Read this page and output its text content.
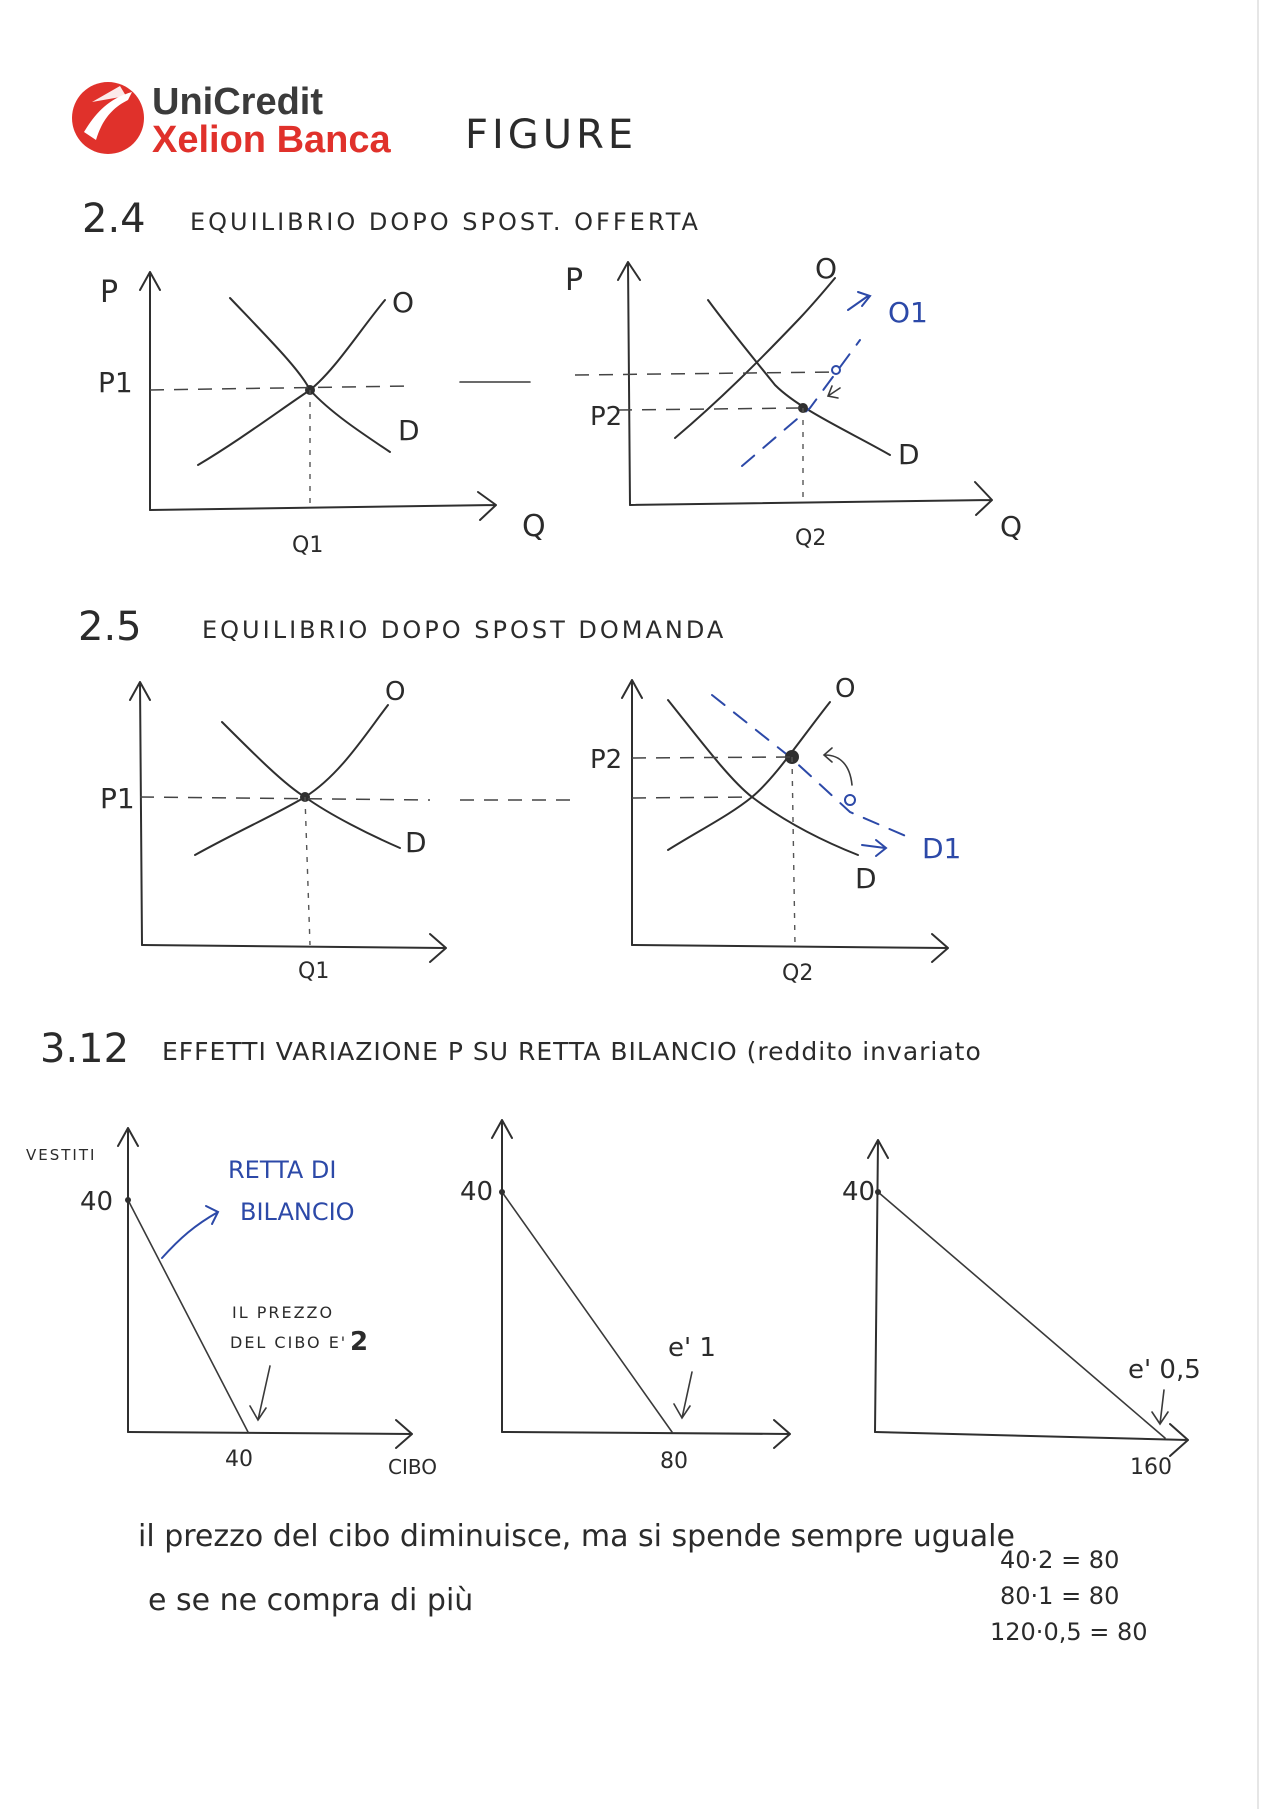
UniCredit
Xelion Banca FIGURE
2.4 EQUILIBRIO DOPO SPOST. OFFERTA
P
Q
P1
Q1
O
D
P
Q
P2
Q2
O
O1
D
2.5	EQUILIBRIO DOPO SPOST DOMANDA
P1
Q1
O
D
P2
Q2
O
D1
D
3.12 EFFETTI VARIAZIONE P SU RETTA BILANCIO (reddito invariato
VESTITI
CIBO
40
40
RETTA DI
BILANCIO
IL PREZZO
DEL CIBO E' 2
40
80
e' 1
40
160
e' 0,5
il prezzo del cibo diminuisce, ma si spende sempre uguale
e se ne compra di più
40·2 = 80
80·1 = 80
120·0,5 = 80
